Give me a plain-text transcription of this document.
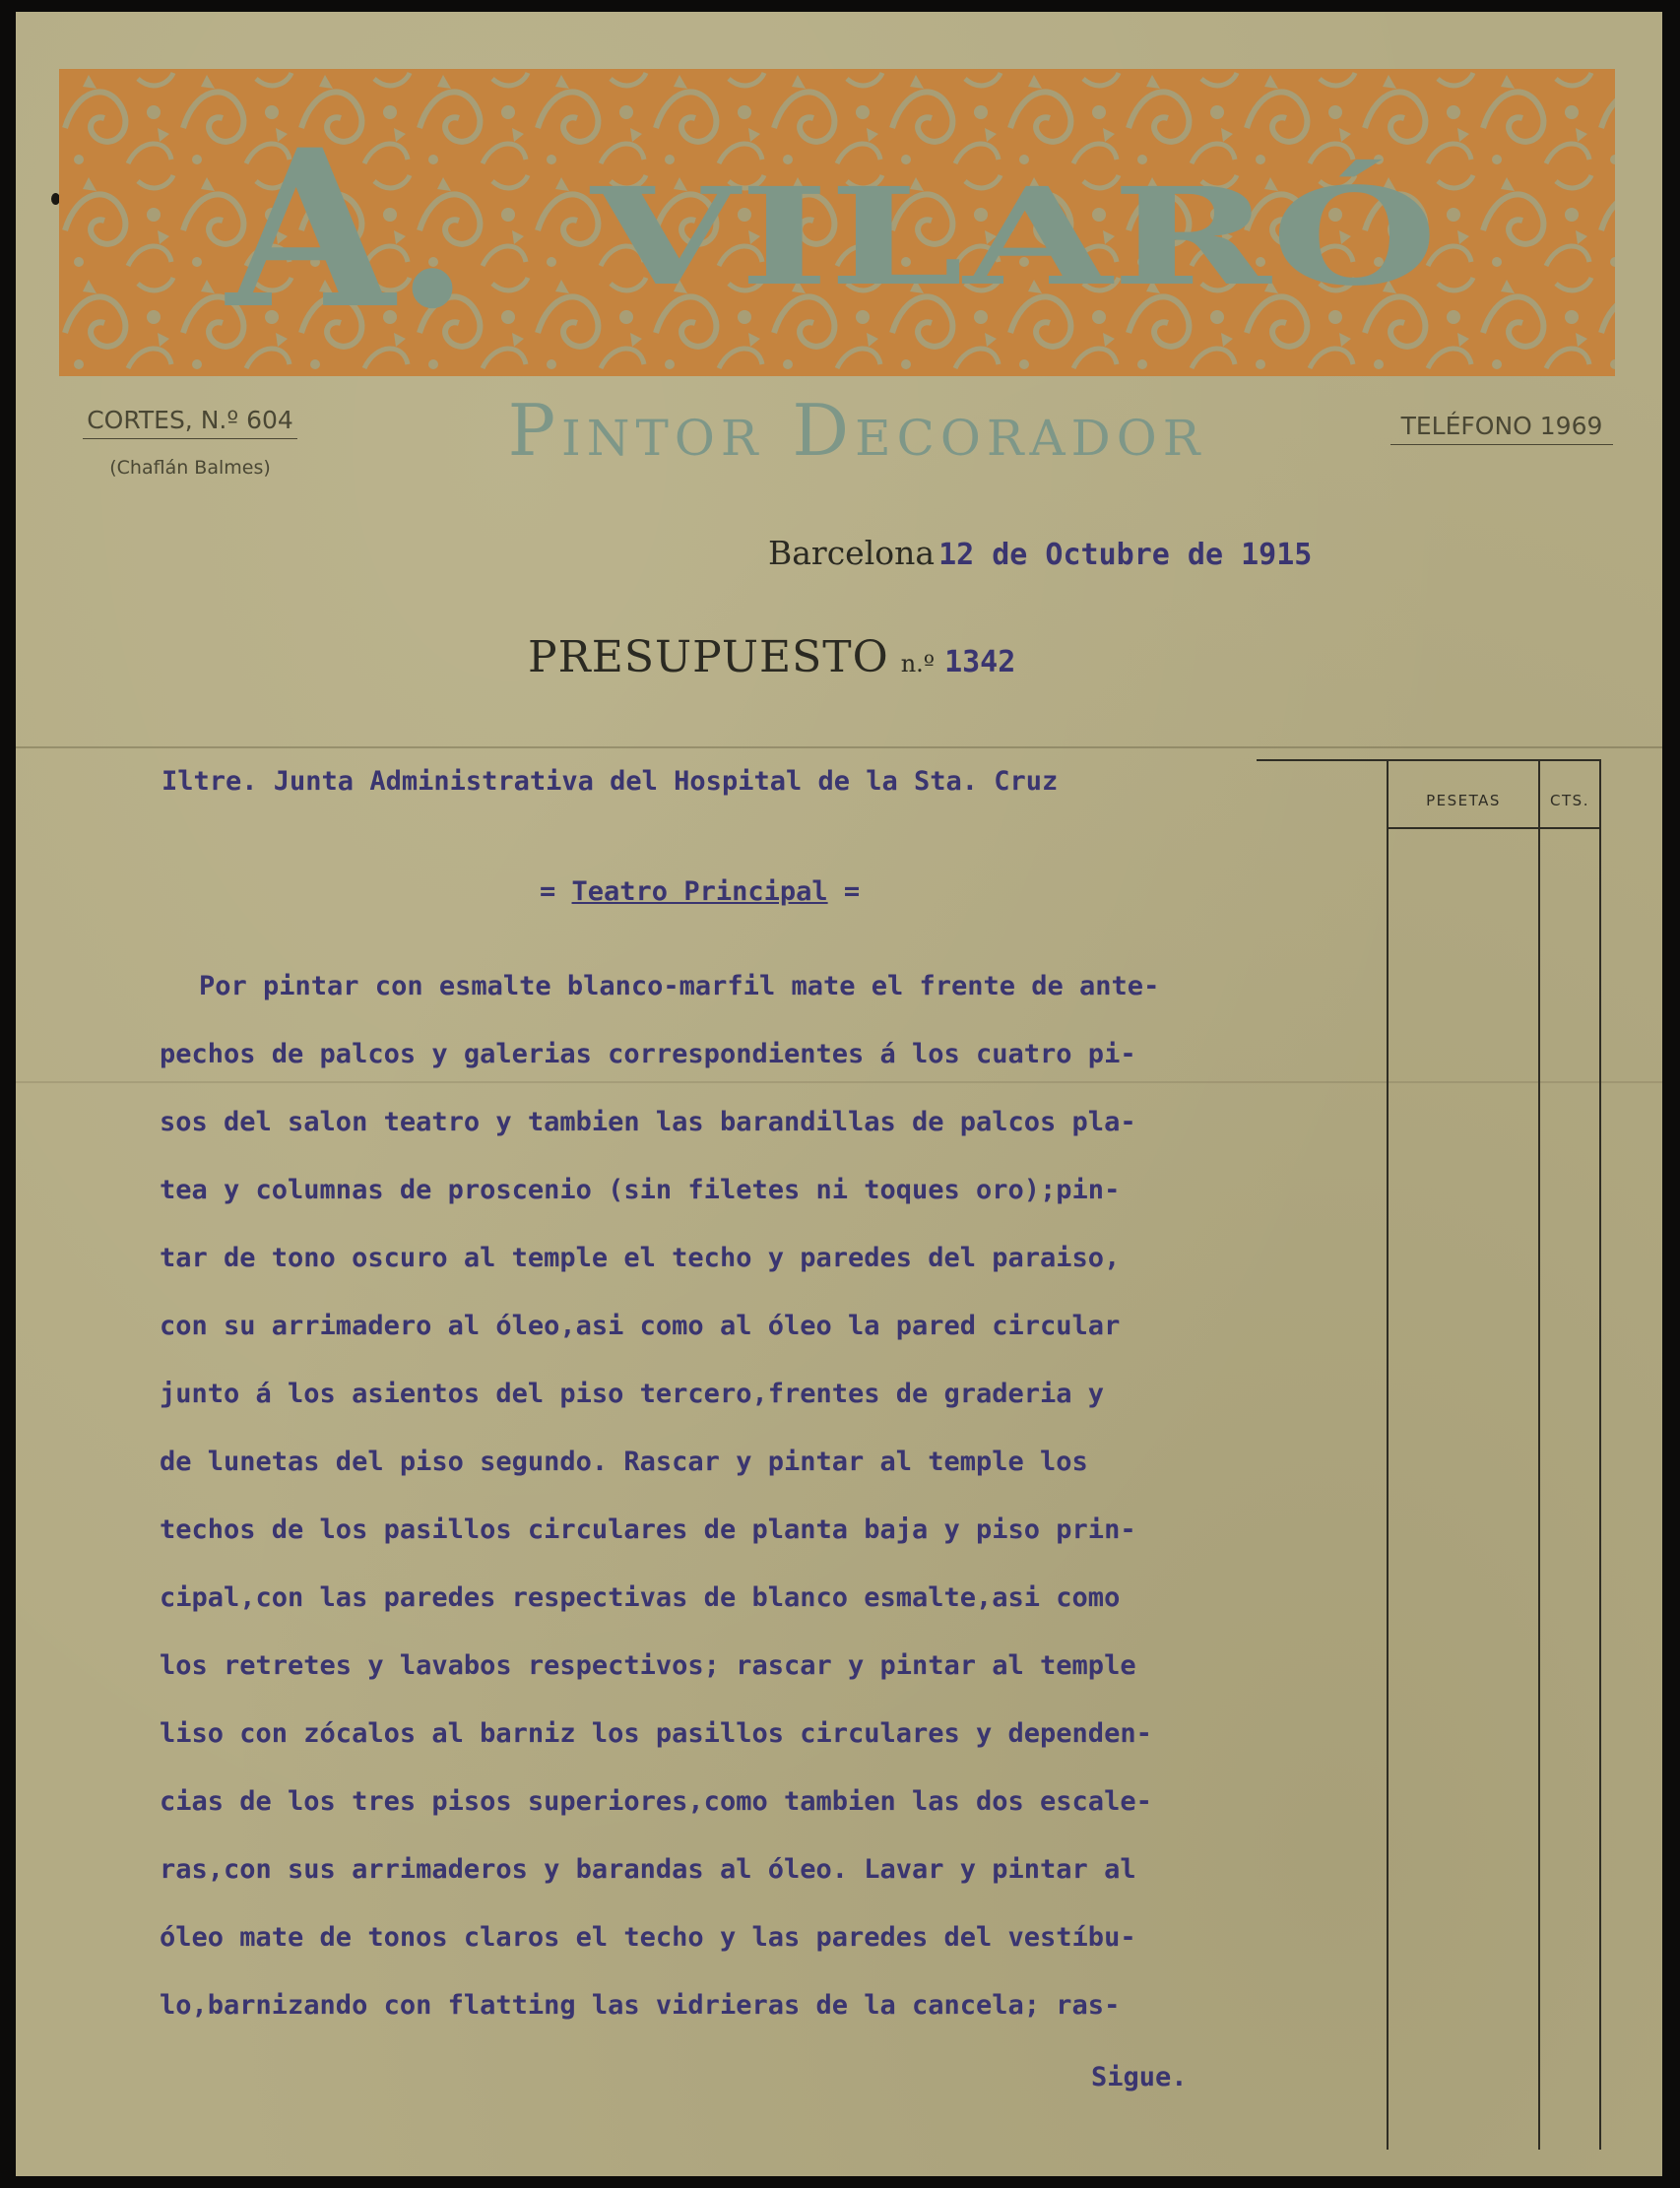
A. VILARÓ
Pintor Decorador
CORTES, N.º 604
(Chaflán Balmes)
TELÉFONO 1969
Barcelona 12 de Octubre de 1915
PRESUPUESTO n.º 1342
Iltre. Junta Administrativa del Hospital de la Sta. Cruz
= Teatro Principal =
PESETAS	CTS.
Por pintar con esmalte blanco-marfil mate el frente de ante-
pechos de palcos y galerias correspondientes á los cuatro pi-
sos del salon teatro y tambien las barandillas de palcos pla-
tea y columnas de proscenio (sin filetes ni toques oro);pin-
tar de tono oscuro al temple el techo y paredes del paraiso,
con su arrimadero al óleo,asi como al óleo la pared circular
junto á los asientos del piso tercero,frentes de graderia y
de lunetas del piso segundo. Rascar y pintar al temple los
techos de los pasillos circulares de planta baja y piso prin-
cipal,con las paredes respectivas de blanco esmalte,asi como
los retretes y lavabos respectivos; rascar y pintar al temple
liso con zócalos al barniz los pasillos circulares y dependen-
cias de los tres pisos superiores,como tambien las dos escale-
ras,con sus arrimaderos y barandas al óleo. Lavar y pintar al
óleo mate de tonos claros el techo y las paredes del vestíbu-
lo,barnizando con flatting las vidrieras de la cancela; ras-
Sigue.
